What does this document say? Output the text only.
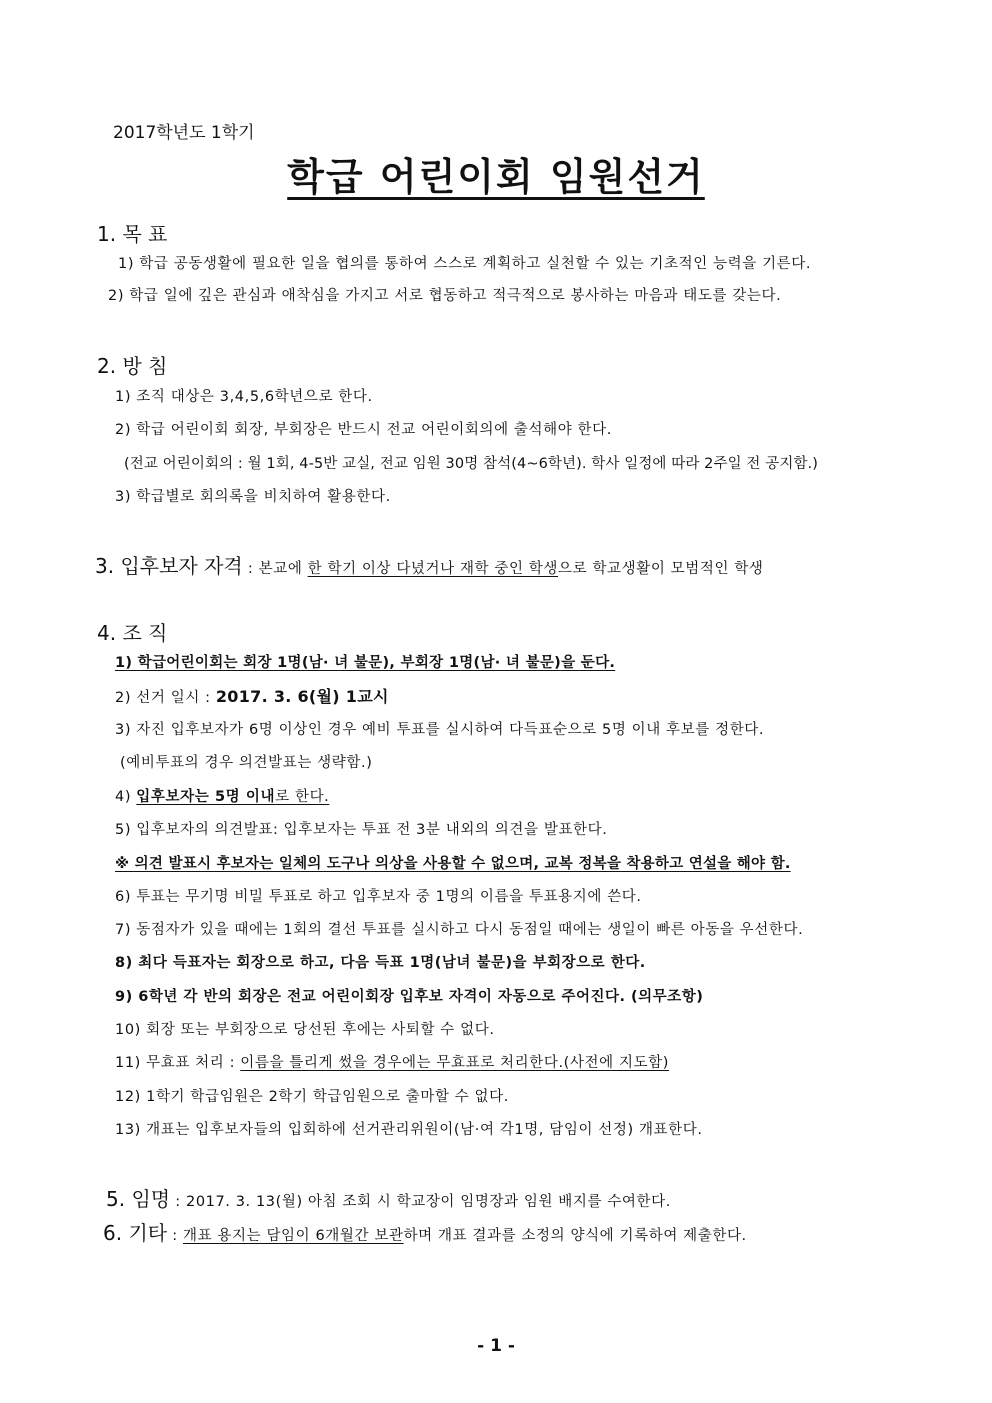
2017학년도 1학기
학급 어린이회 임원선거
1. 목 표
1) 학급 공동생활에 필요한 일을 협의를 통하여 스스로 계획하고 실천할 수 있는 기초적인 능력을 기른다.
2) 학급 일에 깊은 관심과 애착심을 가지고 서로 협동하고 적극적으로 봉사하는 마음과 태도를 갖는다.
2. 방 침
1) 조직 대상은 3,4,5,6학년으로 한다.
2) 학급 어린이회 회장, 부회장은 반드시 전교 어린이회의에 출석해야 한다.
(전교 어린이회의 : 월 1회, 4-5반 교실, 전교 임원 30명 참석(4~6학년). 학사 일정에 따라 2주일 전 공지함.)
3) 학급별로 회의록을 비치하여 활용한다.
3. 입후보자 자격 : 본교에 한 학기 이상 다녔거나 재학 중인 학생으로 학교생활이 모범적인 학생
4. 조 직
1) 학급어린이회는 회장 1명(남· 녀 불문), 부회장 1명(남· 녀 불문)을 둔다.
2) 선거 일시 : 2017. 3. 6(월) 1교시
3) 자진 입후보자가 6명 이상인 경우 예비 투표를 실시하여 다득표순으로 5명 이내 후보를 정한다.
(예비투표의 경우 의견발표는 생략함.)
4) 입후보자는 5명 이내로 한다.
5) 입후보자의 의견발표: 입후보자는 투표 전 3분 내외의 의견을 발표한다.
※ 의견 발표시 후보자는 일체의 도구나 의상을 사용할 수 없으며, 교복 정복을 착용하고 연설을 해야 함.
6) 투표는 무기명 비밀 투표로 하고 입후보자 중 1명의 이름을 투표용지에 쓴다.
7) 동점자가 있을 때에는 1회의 결선 투표를 실시하고 다시 동점일 때에는 생일이 빠른 아동을 우선한다.
8) 최다 득표자는 회장으로 하고, 다음 득표 1명(남녀 불문)을 부회장으로 한다.
9) 6학년 각 반의 회장은 전교 어린이회장 입후보 자격이 자동으로 주어진다. (의무조항)
10) 회장 또는 부회장으로 당선된 후에는 사퇴할 수 없다.
11) 무효표 처리 : 이름을 틀리게 썼을 경우에는 무효표로 처리한다.(사전에 지도함)
12) 1학기 학급임원은 2학기 학급임원으로 출마할 수 없다.
13) 개표는 입후보자들의 입회하에 선거관리위원이(남·여 각1명, 담임이 선정) 개표한다.
5. 임명 : 2017. 3. 13(월) 아침 조회 시 학교장이 임명장과 임원 배지를 수여한다.
6. 기타 : 개표 용지는 담임이 6개월간 보관하며 개표 결과를 소정의 양식에 기록하여 제출한다.
- 1 -
